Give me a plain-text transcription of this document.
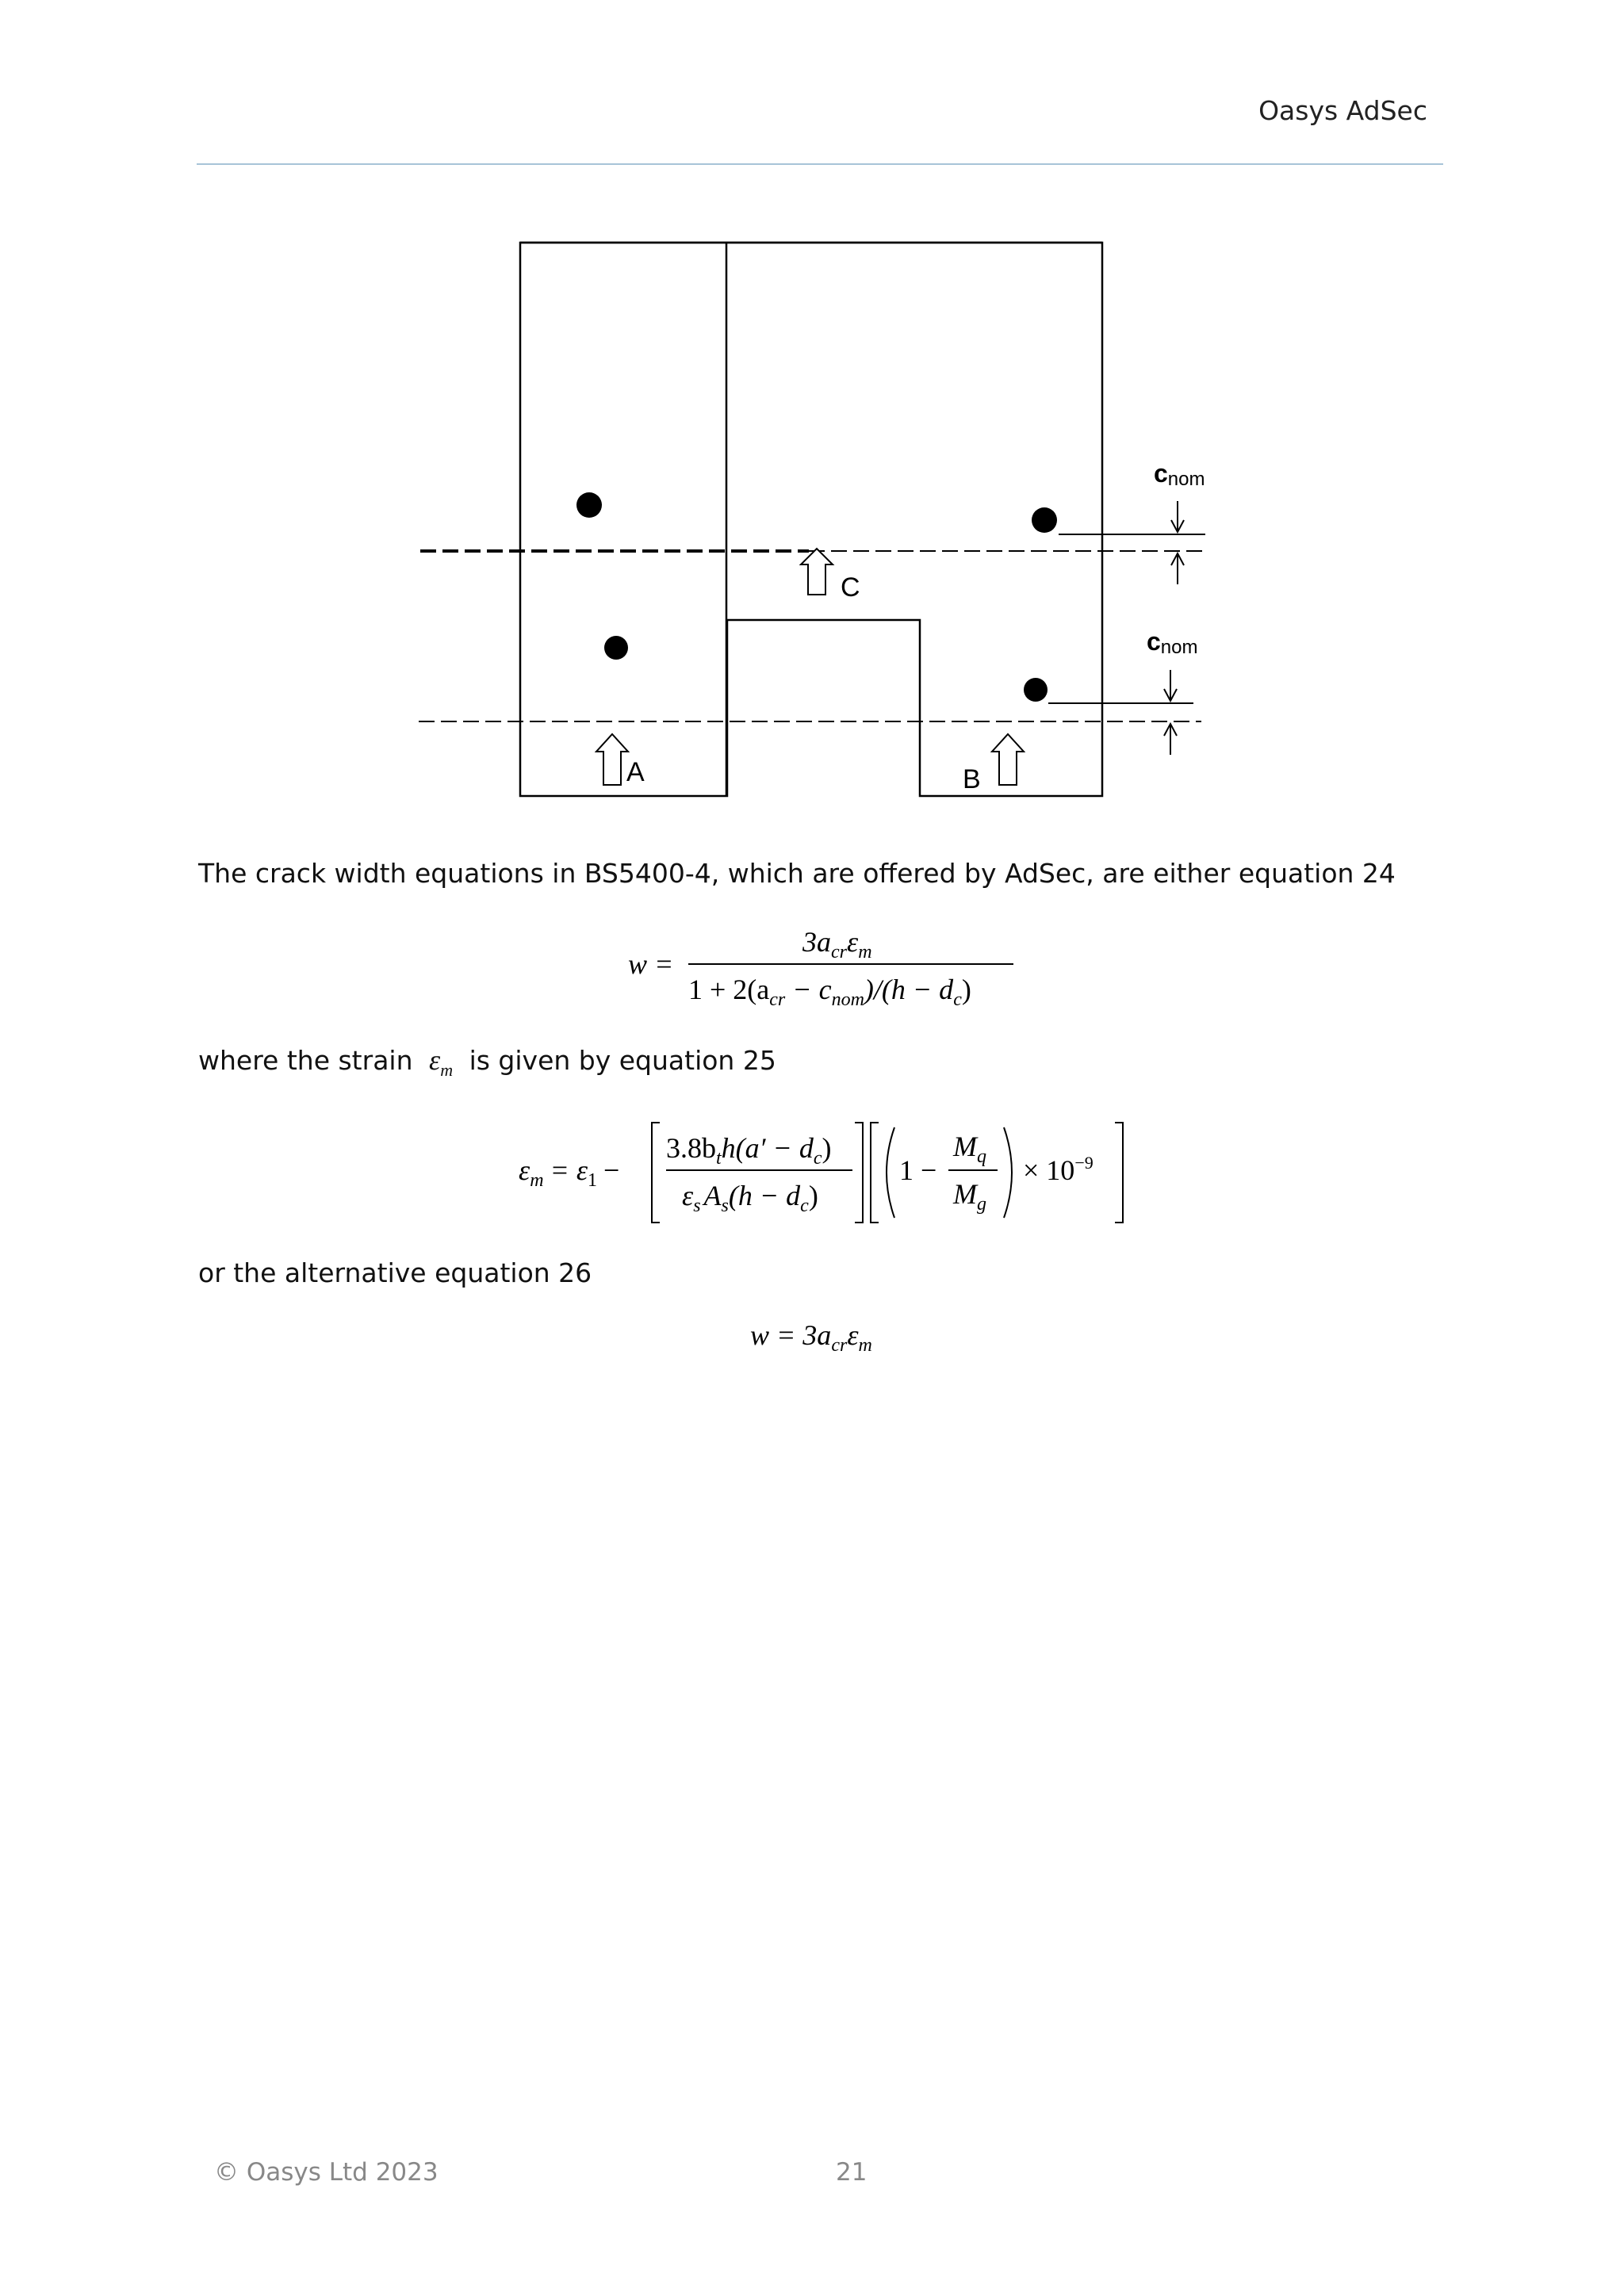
Oasys AdSec
C
A	B
cnom
cnom
The crack width equations in BS5400-4, which are offered by AdSec, are either equation 24
w =
$3a_{cr}\varepsilon_m$
$1 + 2(a_{cr} - c_{nom})/(h - d_c)$
where the strain $\varepsilon_m$ is given by equation 25
$\varepsilon_m = \varepsilon_1$ −
$3.8b_th(a' - d_c)$
$\varepsilon_s$ $A_s(h - d_c)$
1 −
$M_q$
$M_g$
× $10^{-9}$
or the alternative equation 26
$w = 3a_{cr}\varepsilon_m$
© Oasys Ltd 2023	21
